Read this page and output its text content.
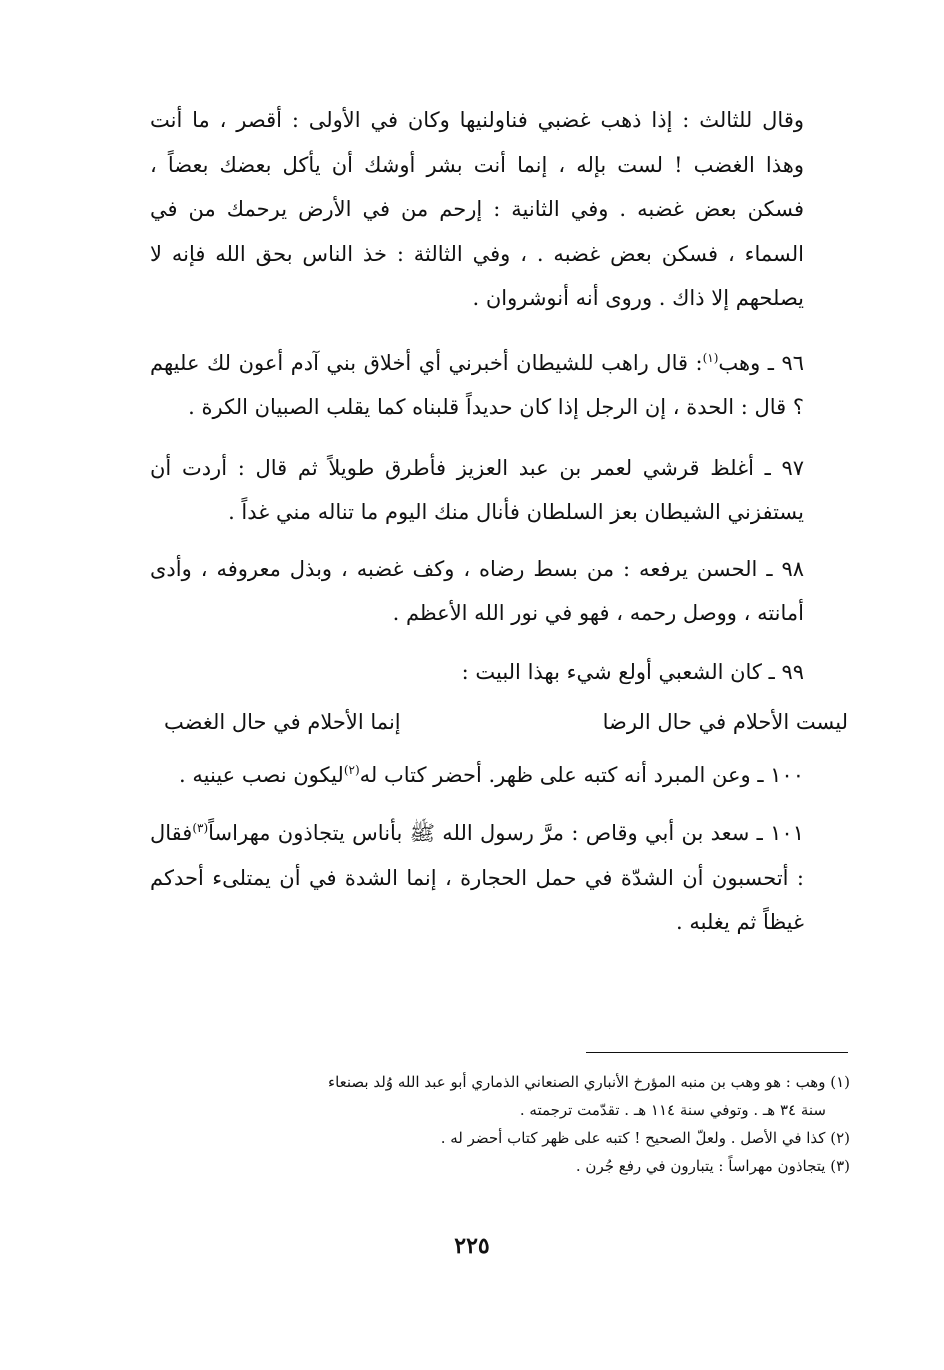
وقال للثالث : إذا ذهب غضبي فناولنيها وكان في الأولى : أقصر ، ما أنت وهذا الغضب ! لست بإله ، إنما أنت بشر أوشك أن يأكل بعضك بعضاً ، فسكن بعض غضبه . وفي الثانية : إرحم من في الأرض يرحمك من في السماء ، فسكن بعض غضبه . ، وفي الثالثة : خذ الناس بحق الله فإنه لا يصلحهم إلا ذاك . وروى أنه أنوشروان .

٩٦ ـ وهب$^{(١)}$: قال راهب للشيطان أخبرني أي أخلاق بني آدم أعون لك عليهم ؟ قال : الحدة ، إن الرجل إذا كان حديداً قلبناه كما يقلب الصبيان الكرة .

٩٧ ـ أغلظ قرشي لعمر بن عبد العزيز فأطرق طويلاً ثم قال : أردت أن يستفزني الشيطان بعز السلطان فأنال منك اليوم ما تناله مني غداً .

٩٨ ـ الحسن يرفعه : من بسط رضاه ، وكف غضبه ، وبذل معروفه ، وأدى أمانته ، ووصل رحمه ، فهو في نور الله الأعظم .

٩٩ ـ كان الشعبي أولع شيء بهذا البيت :

ليست الأحلام في حال الرضا
إنما الأحلام في حال الغضب

١٠٠ ـ وعن المبرد أنه كتبه على ظهر. أحضر كتاب له$^{(٢)}$ليكون نصب عينيه .

١٠١ ـ سعد بن أبي وقاص : مرَّ رسول الله ﷺ بأناس يتجاذون مهراساً$^{(٣)}$فقال : أتحسبون أن الشدّة في حمل الحجارة ، إنما الشدة في أن يمتلىء أحدكم غيظاً ثم يغلبه .

(١) وهب : هو وهب بن منبه المؤرخ الأنباري الصنعاني الذماري أبو عبد الله وُلد بصنعاء
سنة ٣٤ هـ . وتوفي سنة ١١٤ هـ . تقدّمت ترجمته .

(٢) كذا في الأصل . ولعلّ الصحيح ! كتبه على ظهر كتاب أحضر له .

(٣) يتجاذون مهراساً : يتبارون في رفع جُرن .

٢٢٥
